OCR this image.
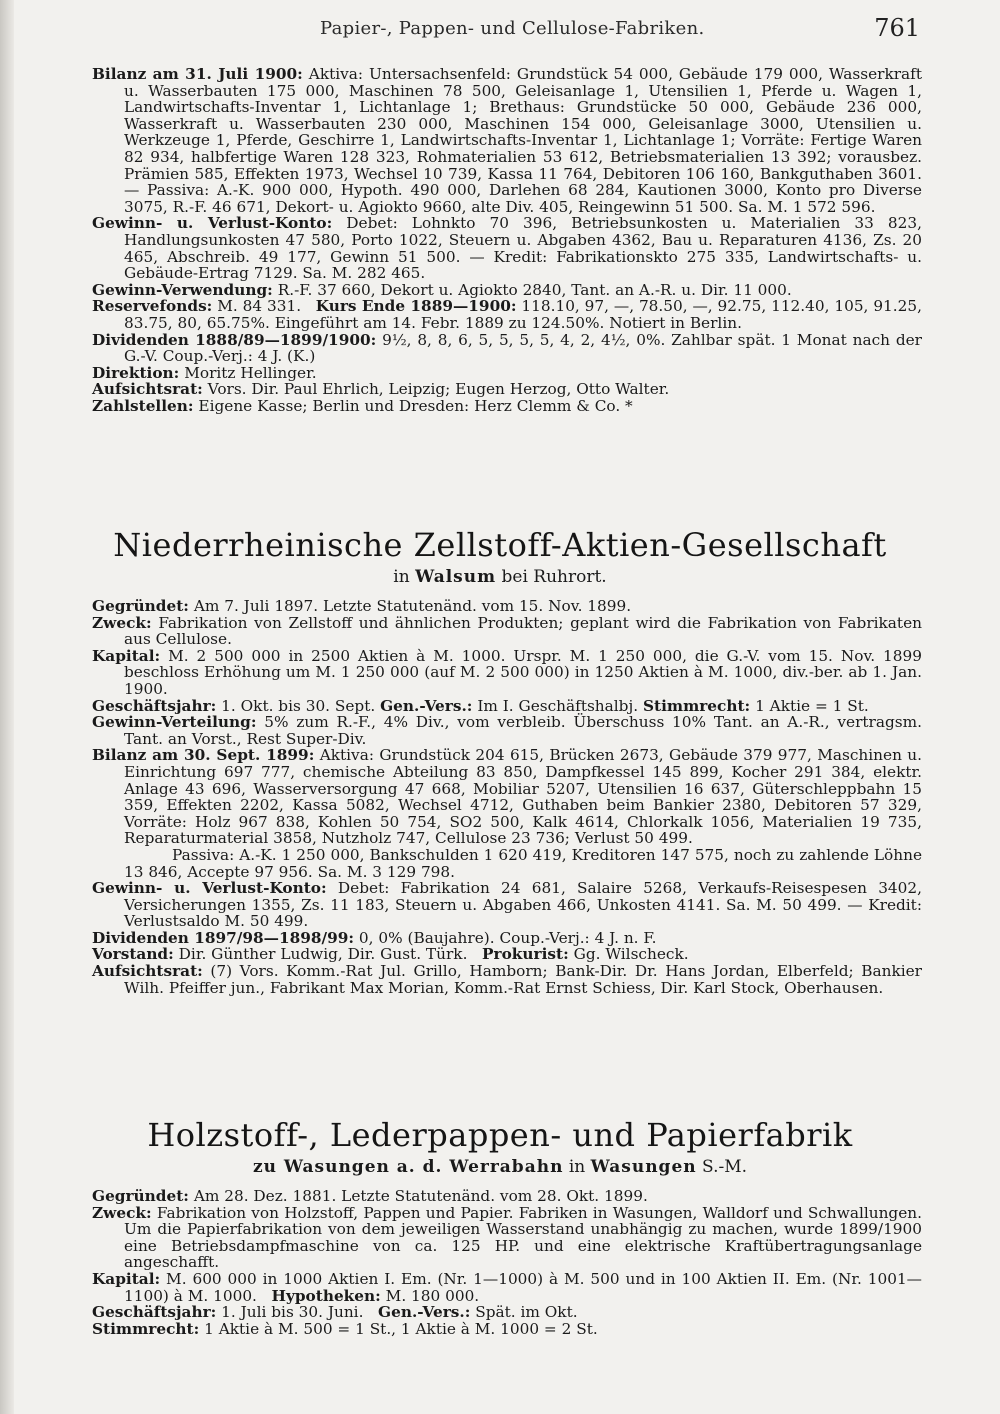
Papier-, Pappen- und Cellulose-Fabriken.	761

Bilanz am 31. Juli 1900: Aktiva: Untersachsenfeld: Grundstück 54 000, Gebäude 179 000, Wasserkraft u. Wasserbauten 175 000, Maschinen 78 500, Geleisanlage 1, Utensilien 1, Pferde u. Wagen 1, Landwirtschafts-Inventar 1, Lichtanlage 1; Brethaus: Grundstücke 50 000, Gebäude 236 000, Wasserkraft u. Wasserbauten 230 000, Maschinen 154 000, Geleisanlage 3000, Utensilien u. Werkzeuge 1, Pferde, Geschirre 1, Landwirtschafts-Inventar 1, Lichtanlage 1; Vorräte: Fertige Waren 82 934, halbfertige Waren 128 323, Rohmaterialien 53 612, Betriebsmaterialien 13 392; vorausbez. Prämien 585, Effekten 1973, Wechsel 10 739, Kassa 11 764, Debitoren 106 160, Bankguthaben 3601. — Passiva: A.-K. 900 000, Hypoth. 490 000, Darlehen 68 284, Kautionen 3000, Konto pro Diverse 3075, R.-F. 46 671, Dekort- u. Agiokto 9660, alte Div. 405, Reingewinn 51 500. Sa. M. 1 572 596.

Gewinn- u. Verlust-Konto: Debet: Lohnkto 70 396, Betriebsunkosten u. Materialien 33 823, Handlungsunkosten 47 580, Porto 1022, Steuern u. Abgaben 4362, Bau u. Reparaturen 4136, Zs. 20 465, Abschreib. 49 177, Gewinn 51 500. — Kredit: Fabrikationskto 275 335, Landwirtschafts- u. Gebäude-Ertrag 7129. Sa. M. 282 465.

Gewinn-Verwendung: R.-F. 37 660, Dekort u. Agiokto 2840, Tant. an A.-R. u. Dir. 11 000.

Reservefonds: M. 84 331. Kurs Ende 1889—1900: 118.10, 97, —, 78.50, —, 92.75, 112.40, 105, 91.25, 83.75, 80, 65.75%. Eingeführt am 14. Febr. 1889 zu 124.50%. Notiert in Berlin.

Dividenden 1888/89—1899/1900: 9½, 8, 8, 6, 5, 5, 5, 5, 4, 2, 4½, 0%. Zahlbar spät. 1 Monat nach der G.-V. Coup.-Verj.: 4 J. (K.)

Direktion: Moritz Hellinger.

Aufsichtsrat: Vors. Dir. Paul Ehrlich, Leipzig; Eugen Herzog, Otto Walter.

Zahlstellen: Eigene Kasse; Berlin und Dresden: Herz Clemm & Co. *

Niederrheinische Zellstoff-Aktien-Gesellschaft
in Walsum bei Ruhrort.

Gegründet: Am 7. Juli 1897. Letzte Statutenänd. vom 15. Nov. 1899.

Zweck: Fabrikation von Zellstoff und ähnlichen Produkten; geplant wird die Fabrikation von Fabrikaten aus Cellulose.

Kapital: M. 2 500 000 in 2500 Aktien à M. 1000. Urspr. M. 1 250 000, die G.-V. vom 15. Nov. 1899 beschloss Erhöhung um M. 1 250 000 (auf M. 2 500 000) in 1250 Aktien à M. 1000, div.-ber. ab 1. Jan. 1900.

Geschäftsjahr: 1. Okt. bis 30. Sept. Gen.-Vers.: Im I. Geschäftshalbj. Stimmrecht: 1 Aktie = 1 St.

Gewinn-Verteilung: 5% zum R.-F., 4% Div., vom verbleib. Überschuss 10% Tant. an A.-R., vertragsm. Tant. an Vorst., Rest Super-Div.

Bilanz am 30. Sept. 1899: Aktiva: Grundstück 204 615, Brücken 2673, Gebäude 379 977, Maschinen u. Einrichtung 697 777, chemische Abteilung 83 850, Dampfkessel 145 899, Kocher 291 384, elektr. Anlage 43 696, Wasserversorgung 47 668, Mobiliar 5207, Utensilien 16 637, Güterschleppbahn 15 359, Effekten 2202, Kassa 5082, Wechsel 4712, Guthaben beim Bankier 2380, Debitoren 57 329, Vorräte: Holz 967 838, Kohlen 50 754, SO2 500, Kalk 4614, Chlorkalk 1056, Materialien 19 735, Reparaturmaterial 3858, Nutzholz 747, Cellulose 23 736; Verlust 50 499.

Passiva: A.-K. 1 250 000, Bankschulden 1 620 419, Kreditoren 147 575, noch zu zahlende Löhne 13 846, Accepte 97 956. Sa. M. 3 129 798.

Gewinn- u. Verlust-Konto: Debet: Fabrikation 24 681, Salaire 5268, Verkaufs-Reisespesen 3402, Versicherungen 1355, Zs. 11 183, Steuern u. Abgaben 466, Unkosten 4141. Sa. M. 50 499. — Kredit: Verlustsaldo M. 50 499.

Dividenden 1897/98—1898/99: 0, 0% (Baujahre). Coup.-Verj.: 4 J. n. F.

Vorstand: Dir. Günther Ludwig, Dir. Gust. Türk. Prokurist: Gg. Wilscheck.

Aufsichtsrat: (7) Vors. Komm.-Rat Jul. Grillo, Hamborn; Bank-Dir. Dr. Hans Jordan, Elberfeld; Bankier Wilh. Pfeiffer jun., Fabrikant Max Morian, Komm.-Rat Ernst Schiess, Dir. Karl Stock, Oberhausen.

Holzstoff-, Lederpappen- und Papierfabrik
zu Wasungen a. d. Werrabahn in Wasungen S.-M.

Gegründet: Am 28. Dez. 1881. Letzte Statutenänd. vom 28. Okt. 1899.

Zweck: Fabrikation von Holzstoff, Pappen und Papier. Fabriken in Wasungen, Walldorf und Schwallungen. Um die Papierfabrikation von dem jeweiligen Wasserstand unabhängig zu machen, wurde 1899/1900 eine Betriebsdampfmaschine von ca. 125 HP. und eine elektrische Kraftübertragungsanlage angeschafft.

Kapital: M. 600 000 in 1000 Aktien I. Em. (Nr. 1—1000) à M. 500 und in 100 Aktien II. Em. (Nr. 1001—1100) à M. 1000. Hypotheken: M. 180 000.

Geschäftsjahr: 1. Juli bis 30. Juni. Gen.-Vers.: Spät. im Okt.

Stimmrecht: 1 Aktie à M. 500 = 1 St., 1 Aktie à M. 1000 = 2 St.
